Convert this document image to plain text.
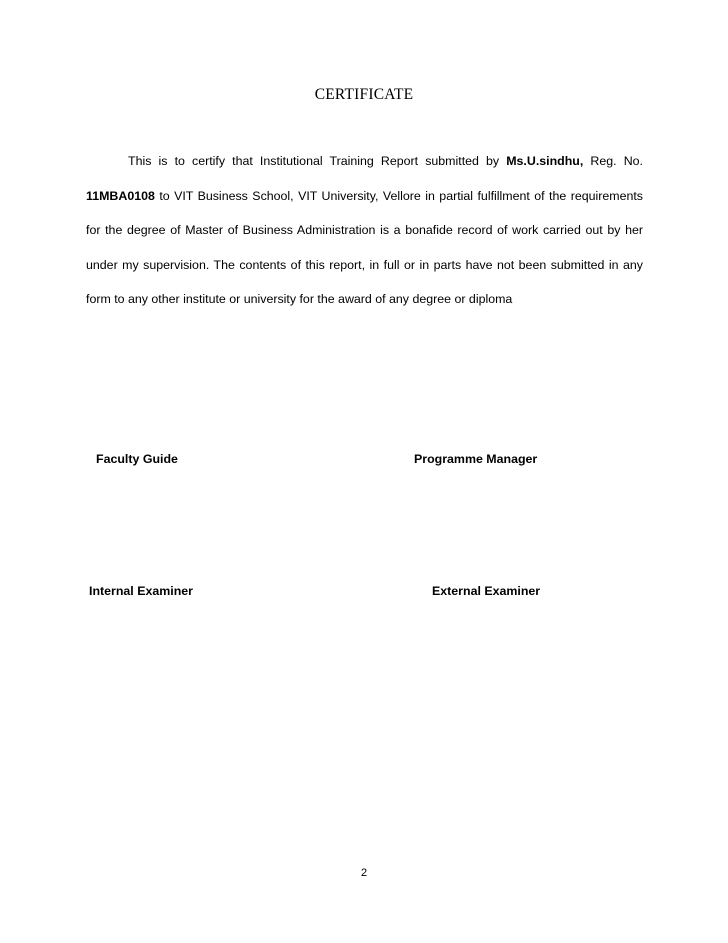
CERTIFICATE

This is to certify that Institutional Training Report submitted by Ms.U.sindhu, Reg. No. 11MBA0108 to VIT Business School, VIT University, Vellore in partial fulfillment of the requirements for the degree of Master of Business Administration is a bonafide record of work carried out by her under my supervision. The contents of this report, in full or in parts have not been submitted in any form to any other institute or university for the award of any degree or diploma

Faculty Guide	Programme Manager
Internal Examiner	External Examiner
2
